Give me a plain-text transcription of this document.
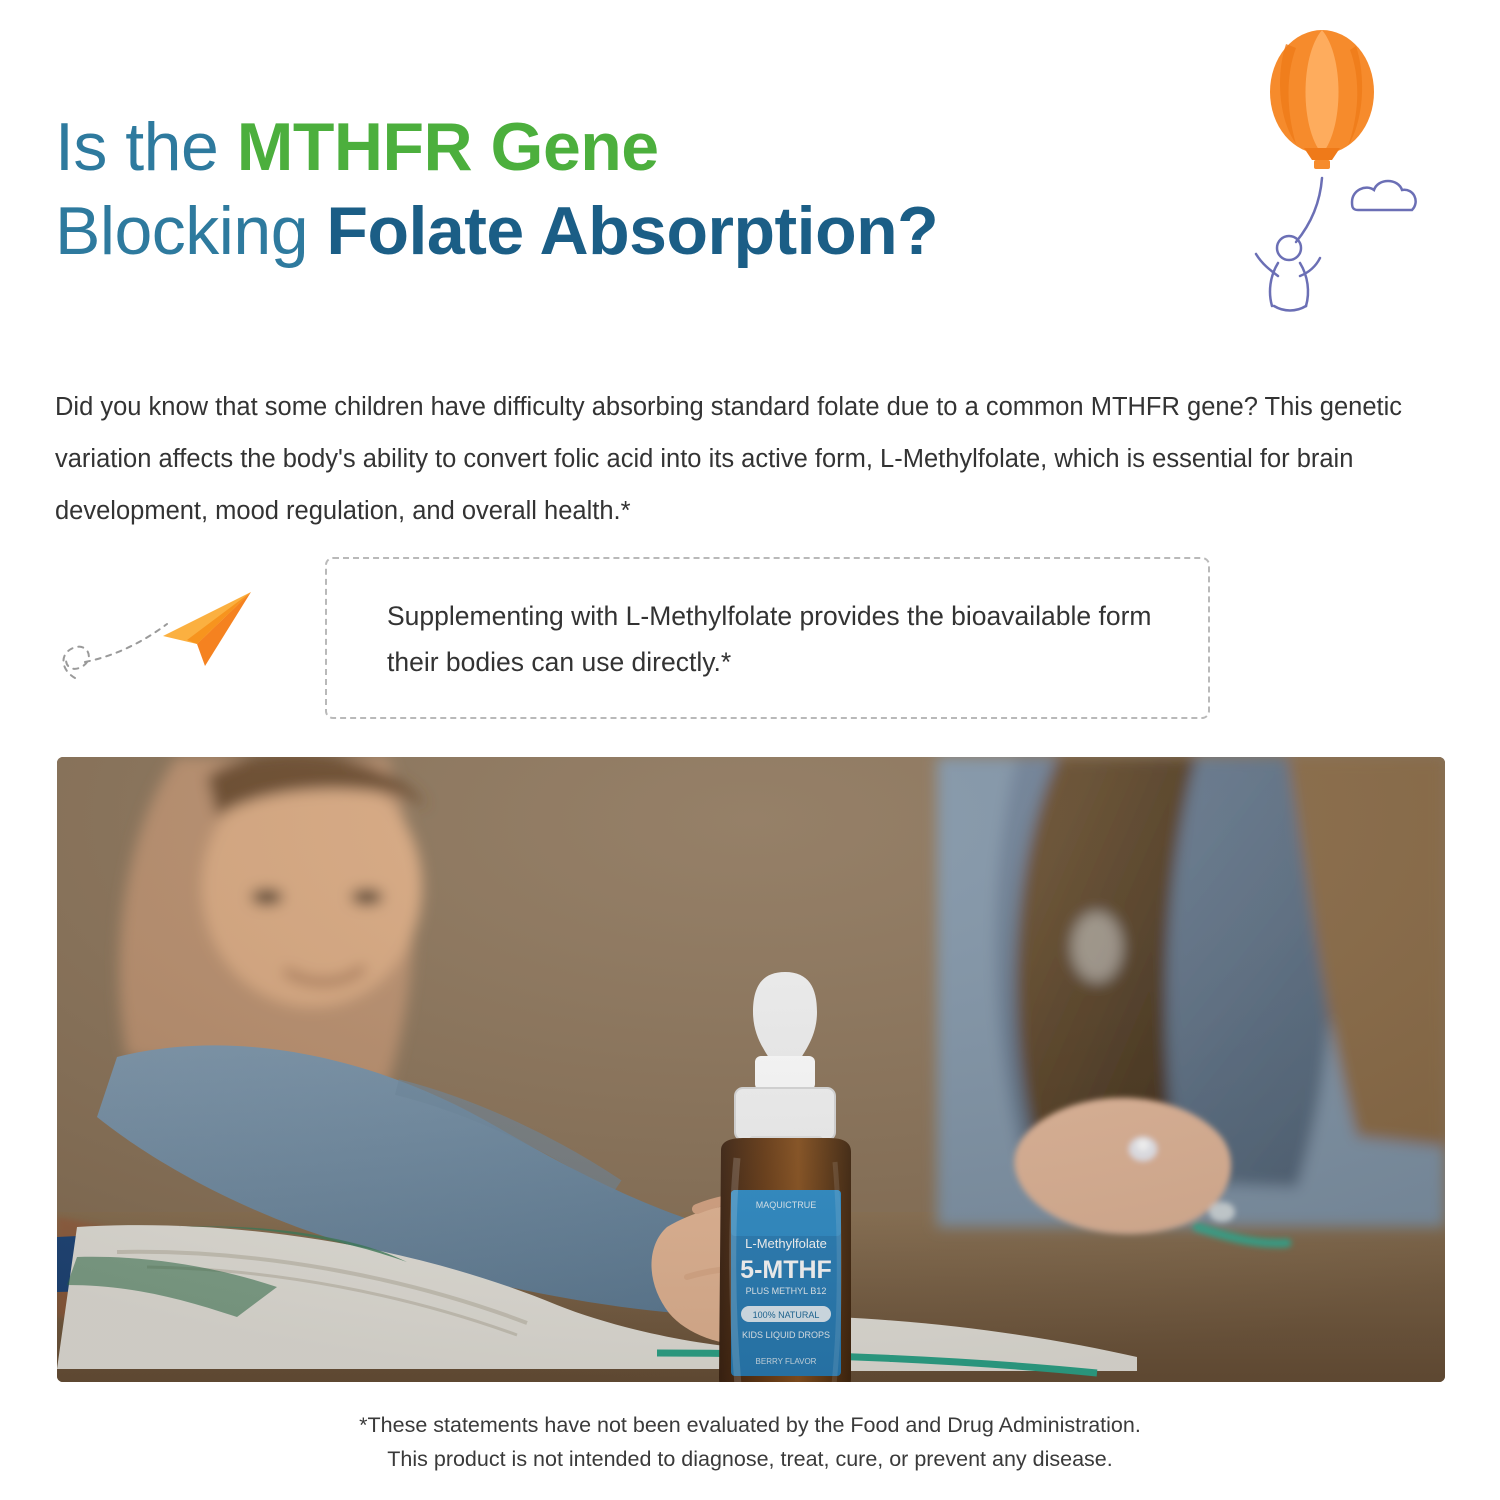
Is the MTHFR Gene
Blocking Folate Absorption?

Did you know that some children have difficulty absorbing standard folate due to a common MTHFR gene? This genetic variation affects the body's ability to convert folic acid into its active form, L-Methylfolate, which is essential for brain development, mood regulation, and overall health.*

Supplementing with L-Methylfolate provides the bioavailable form their bodies can use directly.*
*These statements have not been evaluated by the Food and Drug Administration.
This product is not intended to diagnose, treat, cure, or prevent any disease.
